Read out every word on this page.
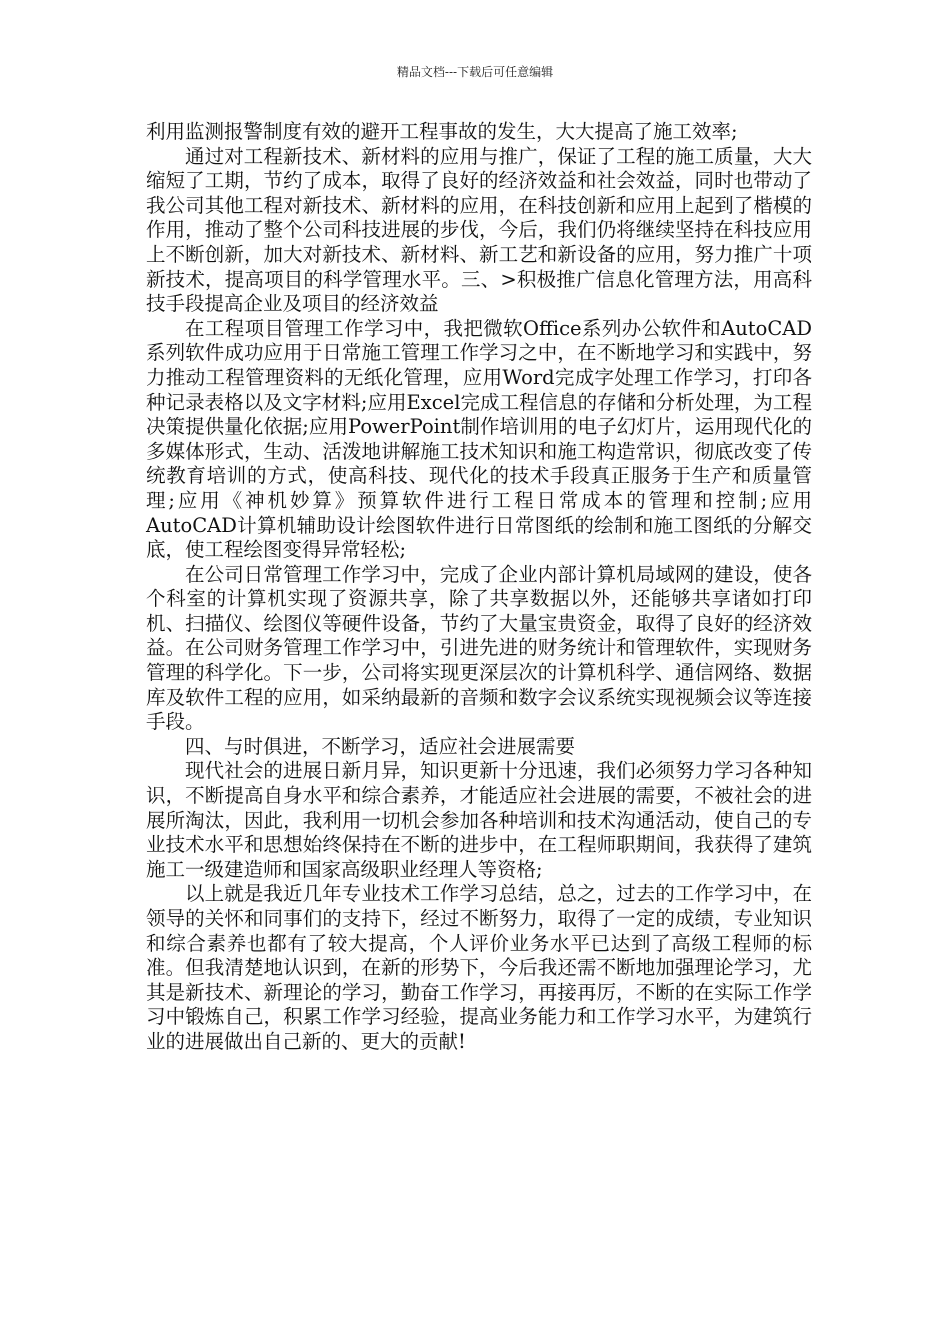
精品文档---下载后可任意编辑

利用监测报警制度有效的避开工程事故的发生，大大提高了施工效率;

通过对工程新技术、新材料的应用与推广，保证了工程的施工质量，大大缩短了工期，节约了成本，取得了良好的经济效益和社会效益，同时也带动了我公司其他工程对新技术、新材料的应用，在科技创新和应用上起到了楷模的作用，推动了整个公司科技进展的步伐，今后，我们仍将继续坚持在科技应用上不断创新，加大对新技术、新材料、新工艺和新设备的应用，努力推广十项新技术，提高项目的科学管理水平。三、>积极推广信息化管理方法，用高科技手段提高企业及项目的经济效益

在工程项目管理工作学习中，我把微软Office系列办公软件和AutoCAD系列软件成功应用于日常施工管理工作学习之中，在不断地学习和实践中，努力推动工程管理资料的无纸化管理，应用Word完成字处理工作学习，打印各种记录表格以及文字材料;应用Excel完成工程信息的存储和分析处理，为工程决策提供量化依据;应用PowerPoint制作培训用的电子幻灯片，运用现代化的多媒体形式，生动、活泼地讲解施工技术知识和施工构造常识，彻底改变了传统教育培训的方式，使高科技、现代化的技术手段真正服务于生产和质量管理;应用《神机妙算》预算软件进行工程日常成本的管理和控制;应用AutoCAD计算机辅助设计绘图软件进行日常图纸的绘制和施工图纸的分解交底，使工程绘图变得异常轻松;

在公司日常管理工作学习中，完成了企业内部计算机局域网的建设，使各个科室的计算机实现了资源共享，除了共享数据以外，还能够共享诸如打印机、扫描仪、绘图仪等硬件设备，节约了大量宝贵资金，取得了良好的经济效益。在公司财务管理工作学习中，引进先进的财务统计和管理软件，实现财务管理的科学化。下一步，公司将实现更深层次的计算机科学、通信网络、数据库及软件工程的应用，如采纳最新的音频和数字会议系统实现视频会议等连接手段。

四、与时俱进，不断学习，适应社会进展需要

现代社会的进展日新月异，知识更新十分迅速，我们必须努力学习各种知识，不断提高自身水平和综合素养，才能适应社会进展的需要，不被社会的进展所淘汰，因此，我利用一切机会参加各种培训和技术沟通活动，使自己的专业技术水平和思想始终保持在不断的进步中，在工程师职期间，我获得了建筑施工一级建造师和国家高级职业经理人等资格;

以上就是我近几年专业技术工作学习总结，总之，过去的工作学习中，在领导的关怀和同事们的支持下，经过不断努力，取得了一定的成绩，专业知识和综合素养也都有了较大提高，个人评价业务水平已达到了高级工程师的标准。但我清楚地认识到，在新的形势下，今后我还需不断地加强理论学习，尤其是新技术、新理论的学习，勤奋工作学习，再接再厉，不断的在实际工作学习中锻炼自己，积累工作学习经验，提高业务能力和工作学习水平，为建筑行业的进展做出自己新的、更大的贡献!
